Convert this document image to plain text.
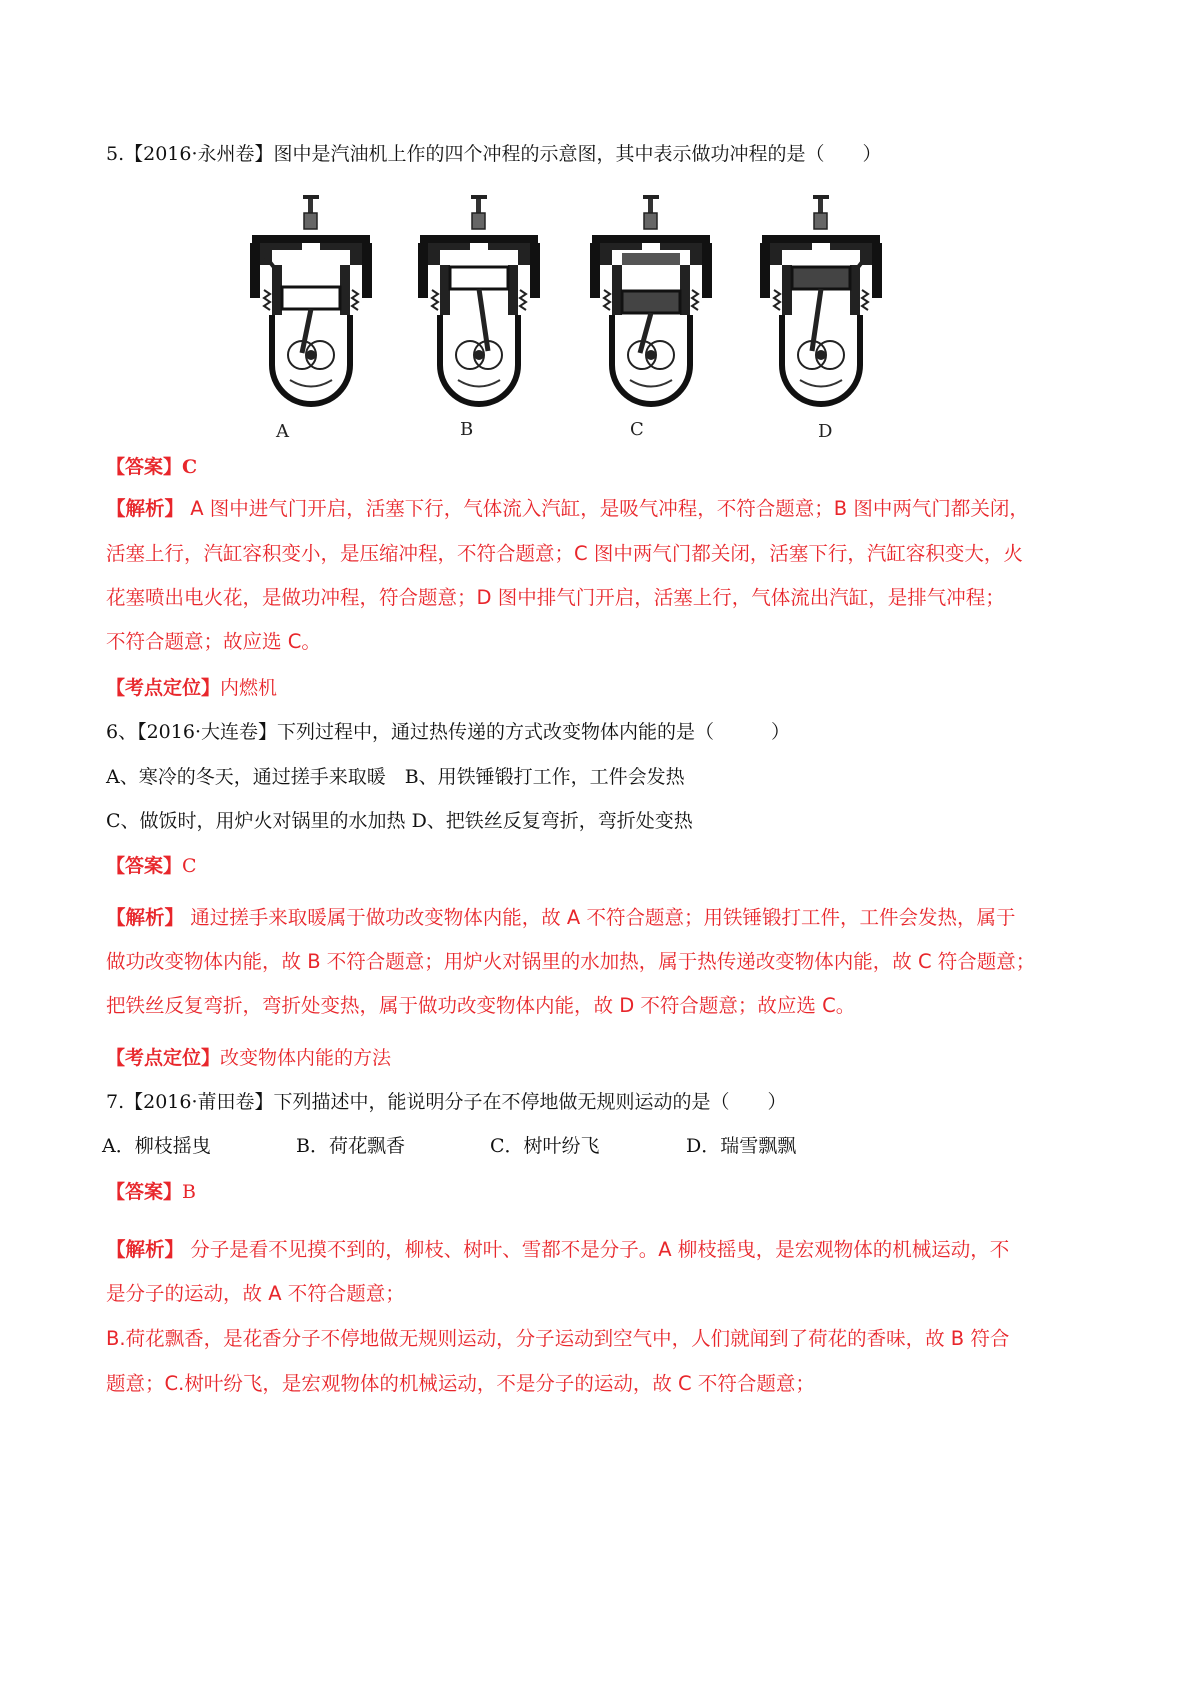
5.【2016·永州卷】图中是汽油机上作的四个冲程的示意图，其中表示做功冲程的是（　　）
A	B	C	D
【答案】C
【解析】 A 图中进气门开启，活塞下行，气体流入汽缸，是吸气冲程，不符合题意；B 图中两气门都关闭，
活塞上行，汽缸容积变小，是压缩冲程，不符合题意；C 图中两气门都关闭，活塞下行，汽缸容积变大，火
花塞喷出电火花，是做功冲程，符合题意；D 图中排气门开启，活塞上行，气体流出汽缸，是排气冲程；
不符合题意；故应选 C。
【考点定位】内燃机
6、【2016·大连卷】下列过程中，通过热传递的方式改变物体内能的是（　　　）
A、寒冷的冬天，通过搓手来取暖　B、用铁锤锻打工作，工件会发热
C、做饭时，用炉火对锅里的水加热 D、把铁丝反复弯折，弯折处变热
【答案】C
【解析】 通过搓手来取暖属于做功改变物体内能，故 A 不符合题意；用铁锤锻打工件，工件会发热，属于
做功改变物体内能，故 B 不符合题意；用炉火对锅里的水加热，属于热传递改变物体内能，故 C 符合题意；
把铁丝反复弯折，弯折处变热，属于做功改变物体内能，故 D 不符合题意；故应选 C。
【考点定位】改变物体内能的方法
7.【2016·莆田卷】下列描述中，能说明分子在不停地做无规则运动的是（　　）
A．柳枝摇曳	B．荷花飘香	C．树叶纷飞	D．瑞雪飘飘
【答案】B
【解析】 分子是看不见摸不到的，柳枝、树叶、雪都不是分子。A 柳枝摇曳，是宏观物体的机械运动，不
是分子的运动，故 A 不符合题意；
B.荷花飘香，是花香分子不停地做无规则运动，分子运动到空气中，人们就闻到了荷花的香味，故 B 符合
题意；C.树叶纷飞，是宏观物体的机械运动，不是分子的运动，故 C 不符合题意；
